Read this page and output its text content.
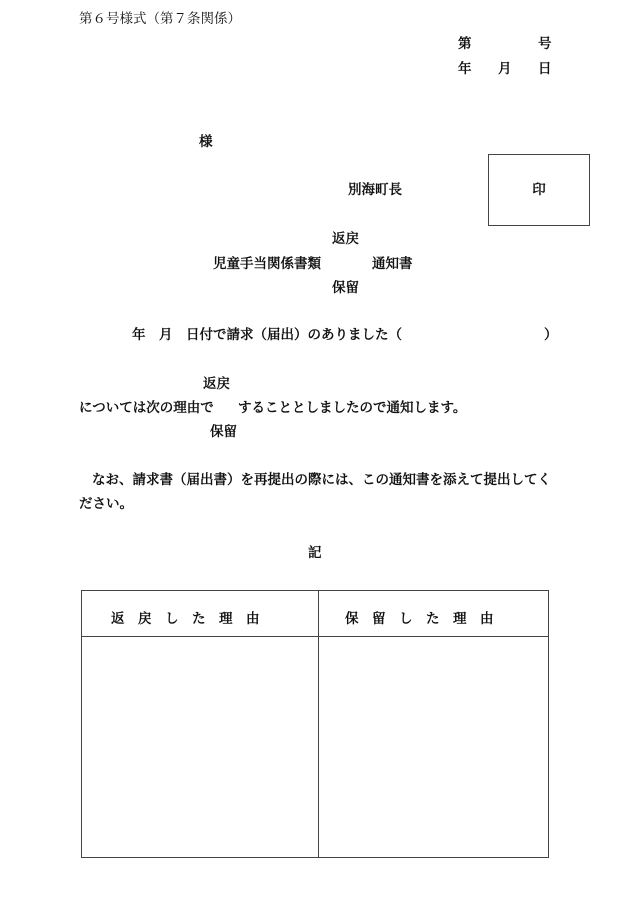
第６号様式（第７条関係）
第	号
年 月 日
様
別海町長	印
返戻
児童手当関係書類	通知書
保留
年 月 日付で請求（届出）のありました（	）
返戻
については次の理由で することとしましたので通知します。
保留
なお、請求書（届出書）を再提出の際には、この通知書を添えて提出してく
ださい。
記
返　戻　し　た　理　由	保　留　し　た　理　由
